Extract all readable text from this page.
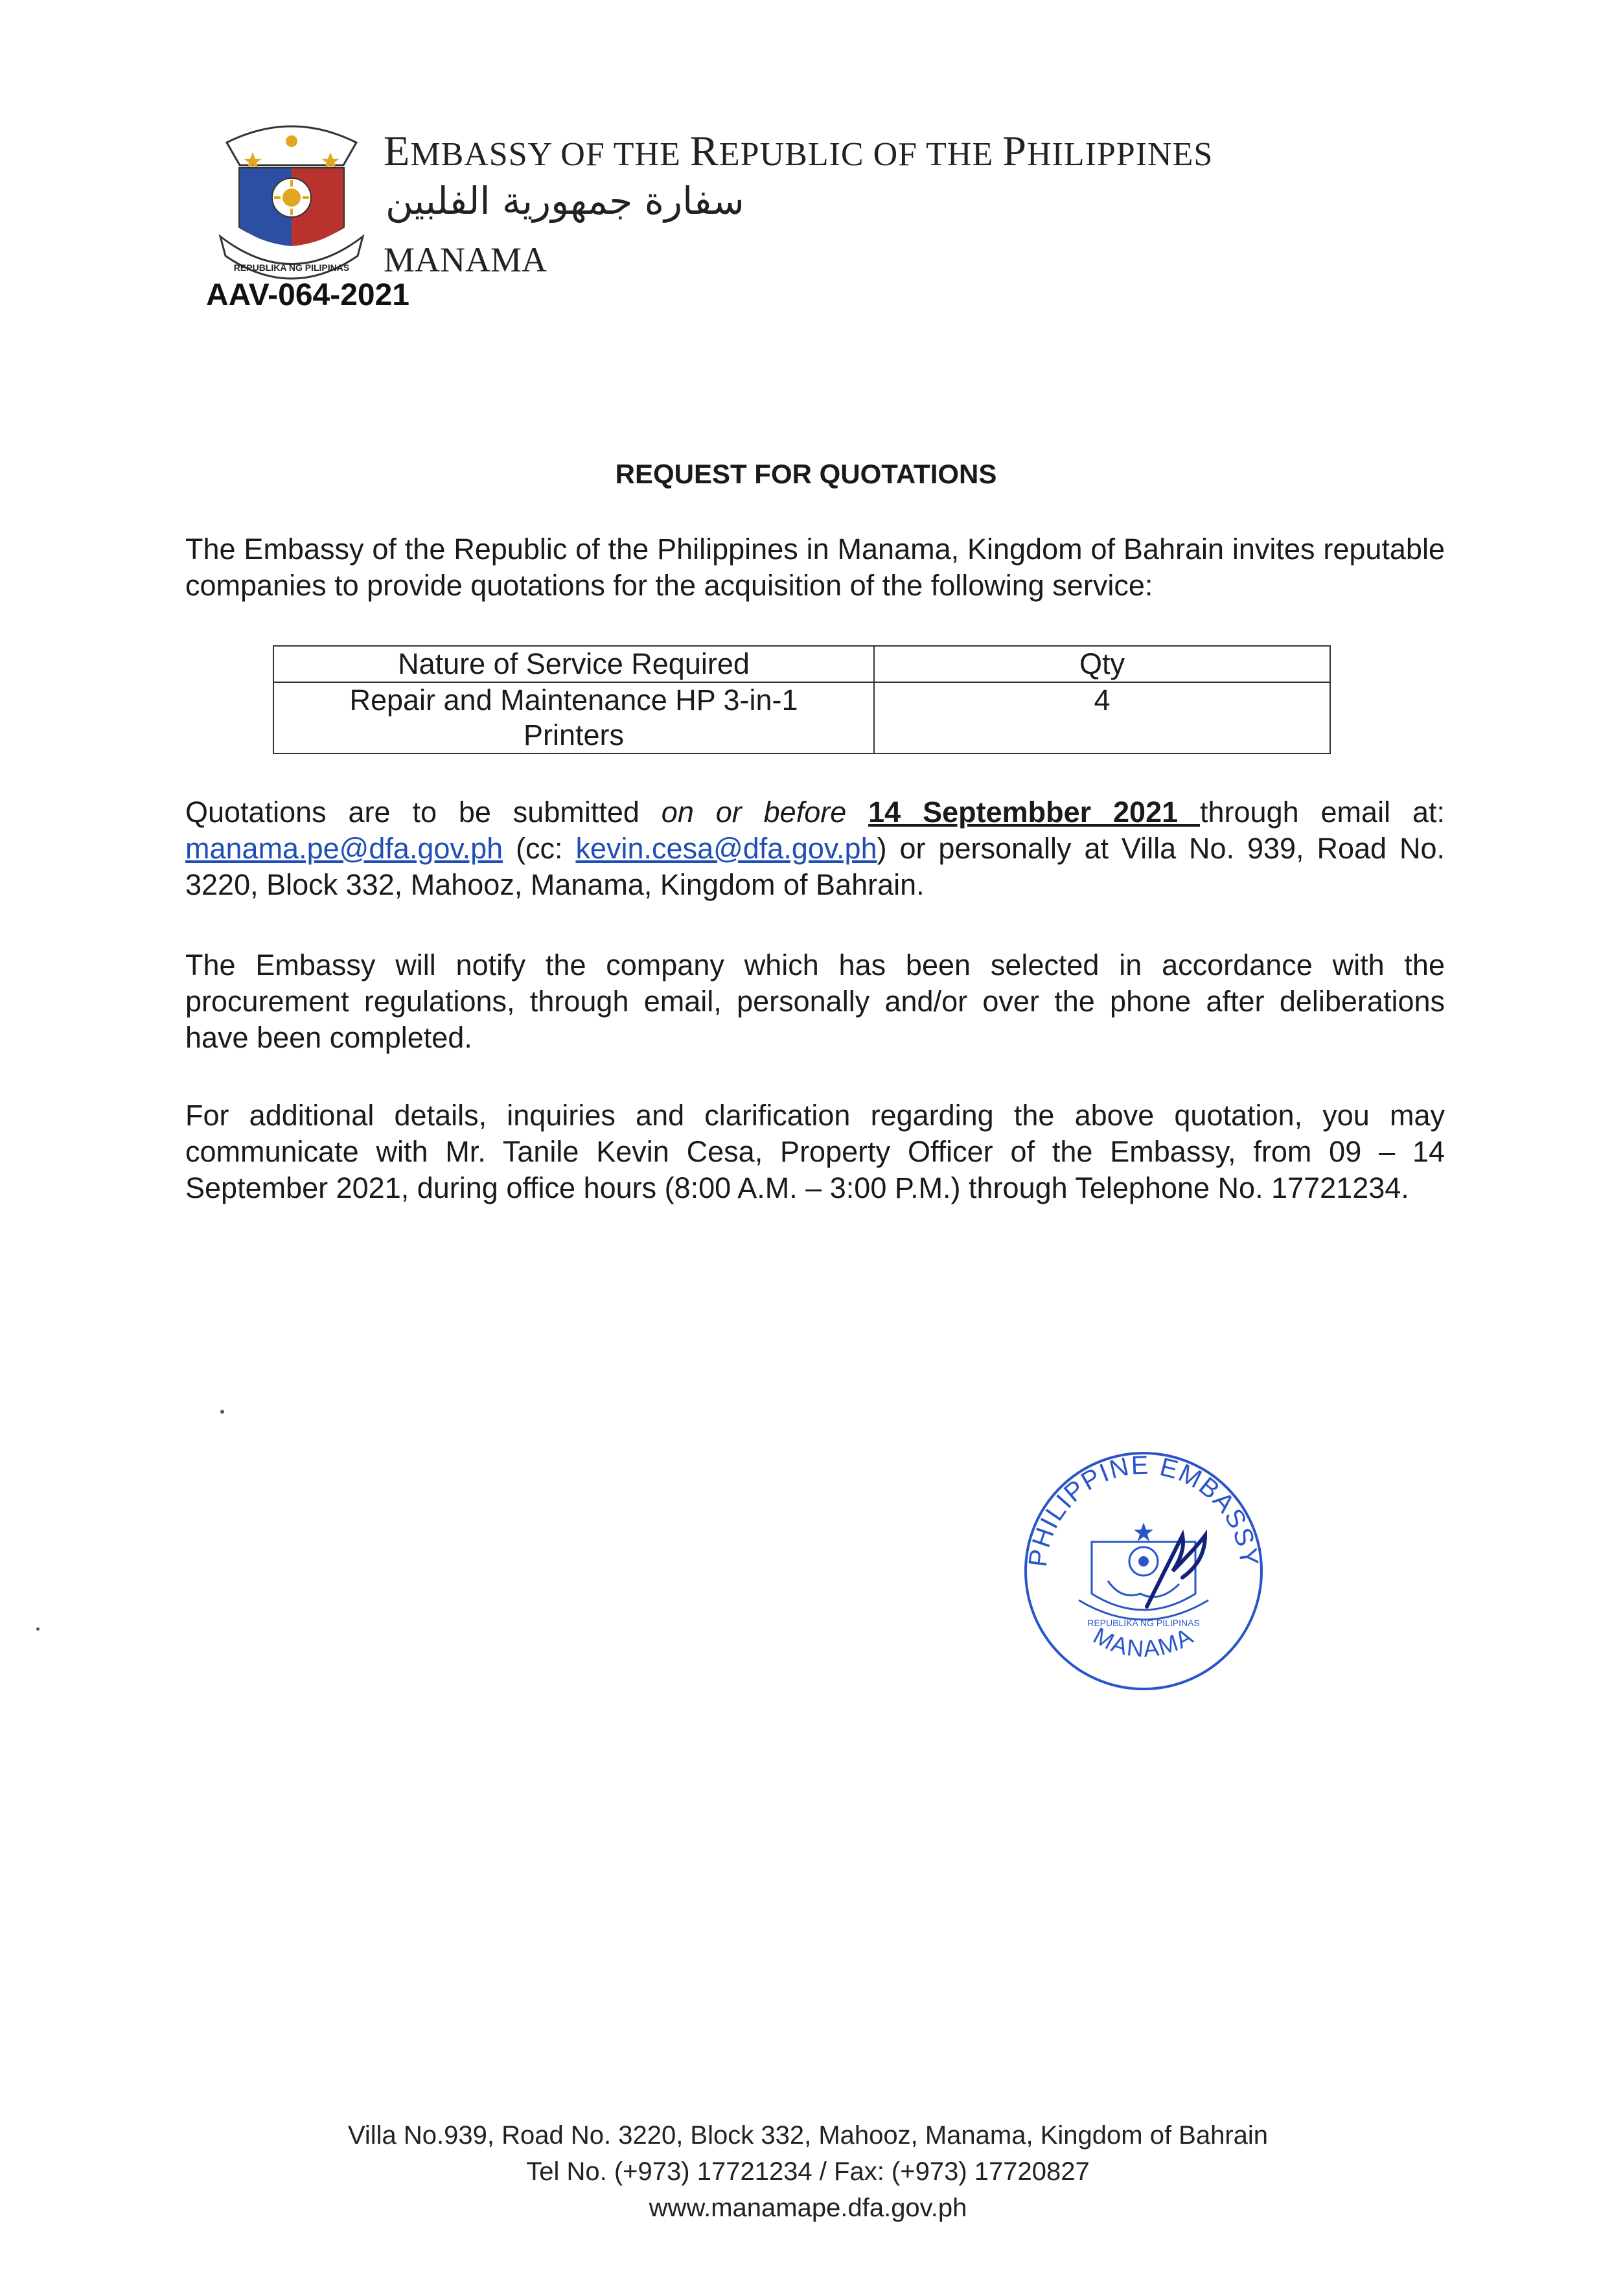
REPUBLIKA NG PILIPINAS
EMBASSY OF THE REPUBLIC OF THE PHILIPPINES
سفارة جمهورية الفلبين
MANAMA
AAV-064-2021
REQUEST FOR QUOTATIONS
The Embassy of the Republic of the Philippines in Manama, Kingdom of Bahrain invites reputable companies to provide quotations for the acquisition of the following service:
Nature of Service Required	Qty
Repair and Maintenance HP 3-in-1
Printers	4
Quotations are to be submitted on or before 14 Septembber 2021 through email at: manama.pe@dfa.gov.ph (cc: kevin.cesa@dfa.gov.ph) or personally at Villa No. 939, Road No. 3220, Block 332, Mahooz, Manama, Kingdom of Bahrain.
The Embassy will notify the company which has been selected in accordance with the procurement regulations, through email, personally and/or over the phone after deliberations have been completed.
For additional details, inquiries and clarification regarding the above quotation, you may communicate with Mr. Tanile Kevin Cesa, Property Officer of the Embassy, from 09 – 14 September 2021, during office hours (8:00 A.M. – 3:00 P.M.) through Telephone No. 17721234.
PHILIPPINE EMBASSY
MANAMA
REPUBLIKA NG PILIPINAS
Villa No.939, Road No. 3220, Block 332, Mahooz, Manama, Kingdom of Bahrain
Tel No. (+973) 17721234 / Fax: (+973) 17720827
www.manamape.dfa.gov.ph
